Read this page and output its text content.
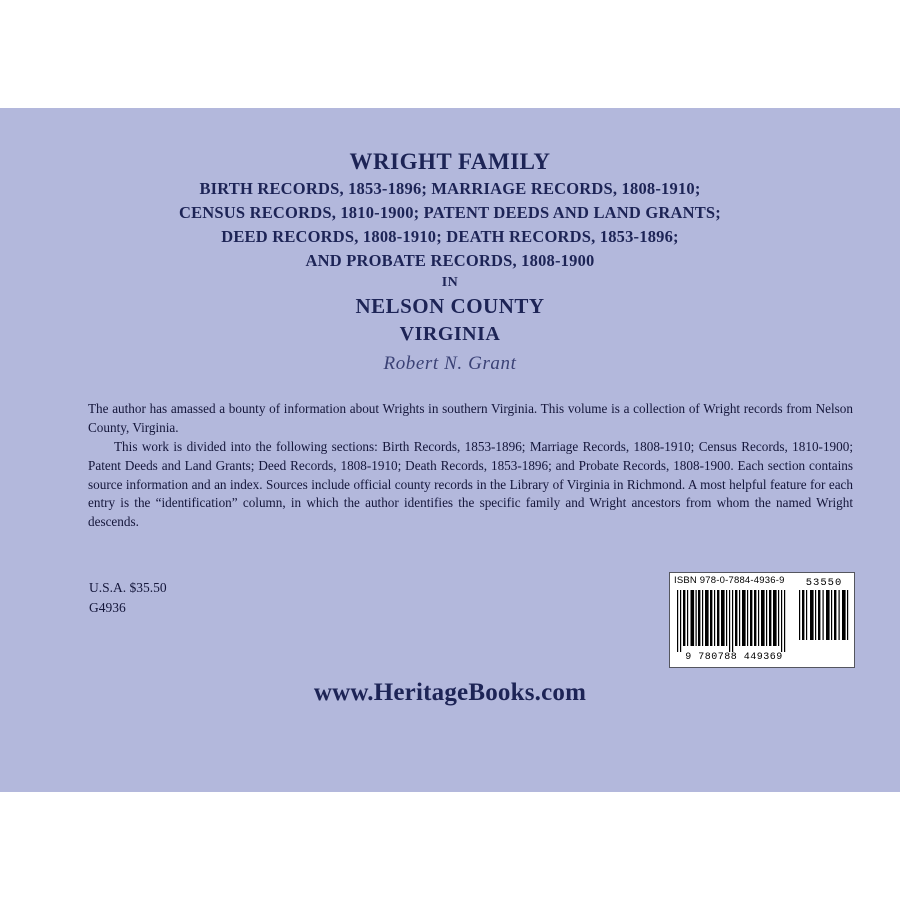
WRIGHT FAMILY
BIRTH RECORDS, 1853-1896; MARRIAGE RECORDS, 1808-1910;
CENSUS RECORDS, 1810-1900; PATENT DEEDS AND LAND GRANTS;
DEED RECORDS, 1808-1910; DEATH RECORDS, 1853-1896;
AND PROBATE RECORDS, 1808-1900
IN
NELSON COUNTY
VIRGINIA
Robert N. Grant

The author has amassed a bounty of information about Wrights in southern Virginia. This volume is a collection of Wright records from Nelson County, Virginia.

This work is divided into the following sections: Birth Records, 1853-1896; Marriage Records, 1808-1910; Census Records, 1810-1900; Patent Deeds and Land Grants; Deed Records, 1808-1910; Death Records, 1853-1896; and Probate Records, 1808-1900. Each section contains source information and an index. Sources include official county records in the Library of Virginia in Richmond. A most helpful feature for each entry is the “identification” column, in which the author identifies the specific family and Wright ancestors from whom the named Wright descends.

U.S.A. $35.50
G4936
ISBN 978-0-7884-4936-9	53550
9 780788 449369
www.HeritageBooks.com
